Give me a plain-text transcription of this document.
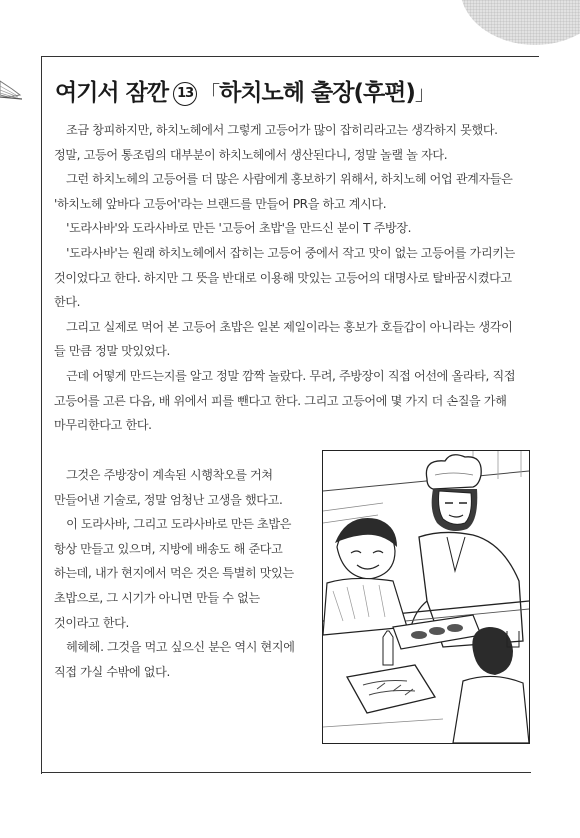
여기서 잠깐 13 「하치노헤 출장(후편)」

조금 창피하지만, 하치노헤에서 그렇게 고등어가 많이 잡히리라고는 생각하지 못했다. 정말, 고등어 통조림의 대부분이 하치노헤에서 생산된다니, 정말 놀랠 놀 자다.

그런 하치노헤의 고등어를 더 많은 사람에게 홍보하기 위해서, 하치노헤 어업 관계자들은 '하치노헤 앞바다 고등어'라는 브랜드를 만들어 PR을 하고 계시다.

'도라사바'와 도라사바로 만든 '고등어 초밥'을 만드신 분이 T 주방장.

'도라사바'는 원래 하치노헤에서 잡히는 고등어 중에서 작고 맛이 없는 고등어를 가리키는 것이었다고 한다. 하지만 그 뜻을 반대로 이용해 맛있는 고등어의 대명사로 탈바꿈시켰다고 한다.

그리고 실제로 먹어 본 고등어 초밥은 일본 제일이라는 홍보가 호들갑이 아니라는 생각이 들 만큼 정말 맛있었다.

근데 어떻게 만드는지를 알고 정말 깜짝 놀랐다. 무려, 주방장이 직접 어선에 올라타, 직접 고등어를 고른 다음, 배 위에서 피를 뺀다고 한다. 그리고 고등어에 몇 가지 더 손질을 가해 마무리한다고 한다.

그것은 주방장이 계속된 시행착오를 거쳐 만들어낸 기술로, 정말 엄청난 고생을 했다고.

이 도라사바, 그리고 도라사바로 만든 초밥은 항상 만들고 있으며, 지방에 배송도 해 준다고 하는데, 내가 현지에서 먹은 것은 특별히 맛있는 초밥으로, 그 시기가 아니면 만들 수 없는 것이라고 한다.

헤헤헤. 그것을 먹고 싶으신 분은 역시 현지에 직접 가실 수밖에 없다.
